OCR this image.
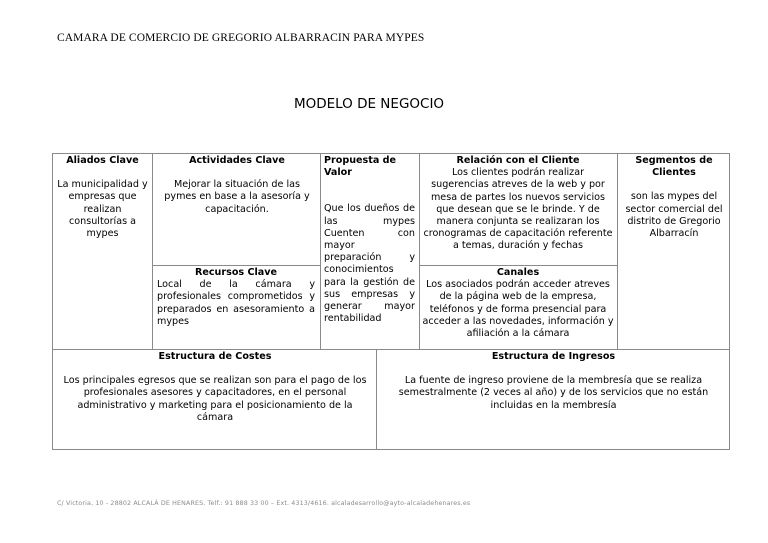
CAMARA DE COMERCIO DE GREGORIO ALBARRACIN PARA MYPES
MODELO DE NEGOCIO
Aliados Clave
La municipalidad y empresas que realizan consultorías a mypes
Actividades Clave
Mejorar la situación de las pymes en base a la asesoría y capacitación.
Recursos Clave
Local de la cámara y profesionales comprometidos y preparados en asesoramiento a mypes
Propuesta de Valor
Que los dueños de las mypes Cuenten con mayor preparación y conocimientos para la gestión de sus empresas y generar mayor rentabilidad
Relación con el Cliente
Los clientes podrán realizar sugerencias atreves de la web y por mesa de partes los nuevos servicios que desean que se le brinde. Y de manera conjunta se realizaran los cronogramas de capacitación referente a temas, duración y fechas
Canales
Los asociados podrán acceder atreves de la página web de la empresa, teléfonos y de forma presencial para acceder a las novedades, información y afiliación a la cámara
Segmentos de Clientes
son las mypes del sector comercial del distrito de Gregorio Albarracín
Estructura de Costes
Los principales egresos que se realizan son para el pago de los profesionales asesores y capacitadores, en el personal administrativo y marketing para el posicionamiento de la cámara
Estructura de Ingresos
La fuente de ingreso proviene de la membresía que se realiza semestralmente (2 veces al año) y de los servicios que no están incluidas en la membresía
C/ Victoria, 10 - 28802 ALCALÁ DE HENARES. Telf.: 91 888 33 00 – Ext. 4313/4616. alcaladesarrollo@ayto-alcaladehenares.es
